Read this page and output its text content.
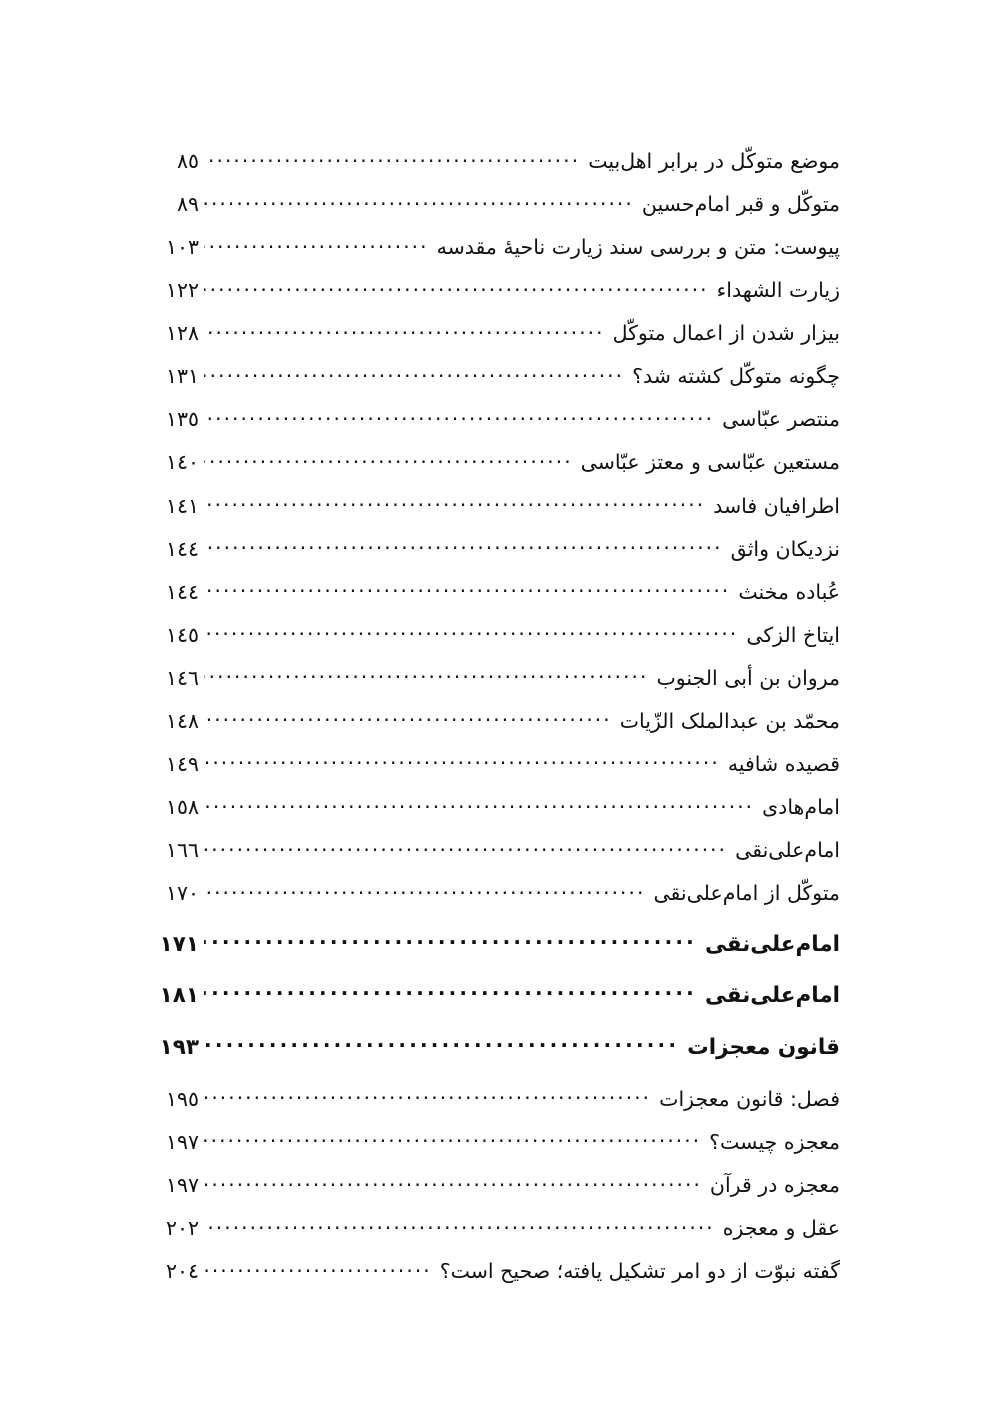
موضع متوکّل در برابر اهل‌بیت
.....
٨٥
متوکّل و قبر امام‌حسین
.....
٨٩
پیوست: متن و بررسی سند زیارت ناحیهٔ مقدسه
.....
١٠٣
زیارت الشهداء
.....
١٢٢
بیزار شدن از اعمال متوکّل
.....
١٢٨
چگونه متوکّل کشته شد؟
.....
١٣١
منتصر عبّاسی
.....
١٣٥
مستعین عبّاسی و معتز عبّاسی
.....
١٤٠
اطرافیان فاسد
.....
١٤١
نزدیکان واثق
.....
١٤٤
عُباده مخنث
.....
١٤٤
ایتاخ الزکی
.....
١٤٥
مروان بن أبی الجنوب
.....
١٤٦
محمّد بن عبدالملک الزّیات
.....
١٤٨
قصیده شافیه
.....
١٤٩
امام‌هادی
.....
١٥٨
امام‌علی‌نقی
.....
١٦٦
متوکّل از امام‌علی‌نقی
.....
١٧٠
امام‌علی‌نقی
.....
١٧١
امام‌علی‌نقی
.....
١٨١
قانون معجزات
.....
١٩٣
فصل: قانون معجزات
.....
١٩٥
معجزه چیست؟
.....
١٩٧
معجزه در قرآن
.....
١٩٧
عقل و معجزه
.....
٢٠٢
گفته نبوّت از دو امر تشکیل یافته؛ صحیح است؟
.....
٢٠٤
